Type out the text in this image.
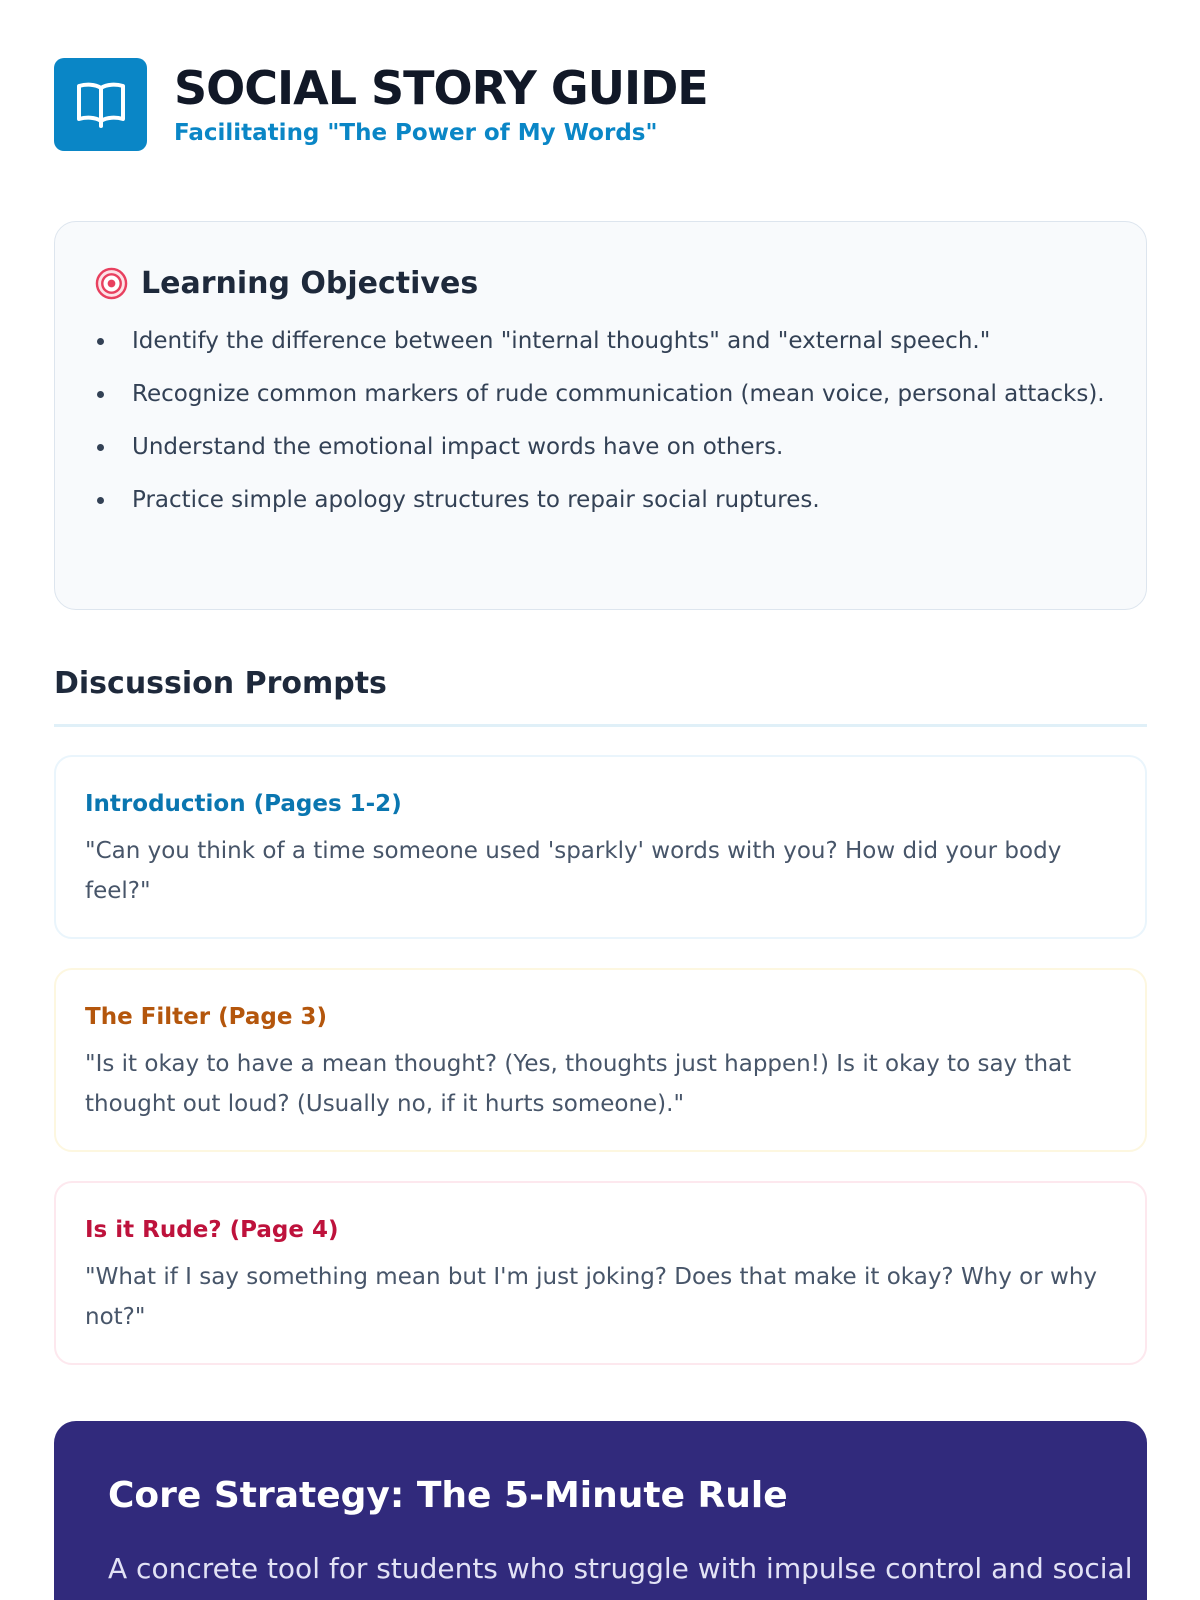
SOCIAL STORY GUIDE
Facilitating "The Power of My Words"
Learning Objectives
Identify the difference between "internal thoughts" and "external speech."
Recognize common markers of rude communication (mean voice, personal attacks).
Understand the emotional impact words have on others.
Practice simple apology structures to repair social ruptures.
Discussion Prompts
Introduction (Pages 1-2)
"Can you think of a time someone used 'sparkly' words with you? How did your body feel?"
The Filter (Page 3)
"Is it okay to have a mean thought? (Yes, thoughts just happen!) Is it okay to say that thought out loud? (Usually no, if it hurts someone)."
Is it Rude? (Page 4)
"What if I say something mean but I'm just joking? Does that make it okay? Why or why not?"
Core Strategy: The 5-Minute Rule
A concrete tool for students who struggle with impulse control and social
